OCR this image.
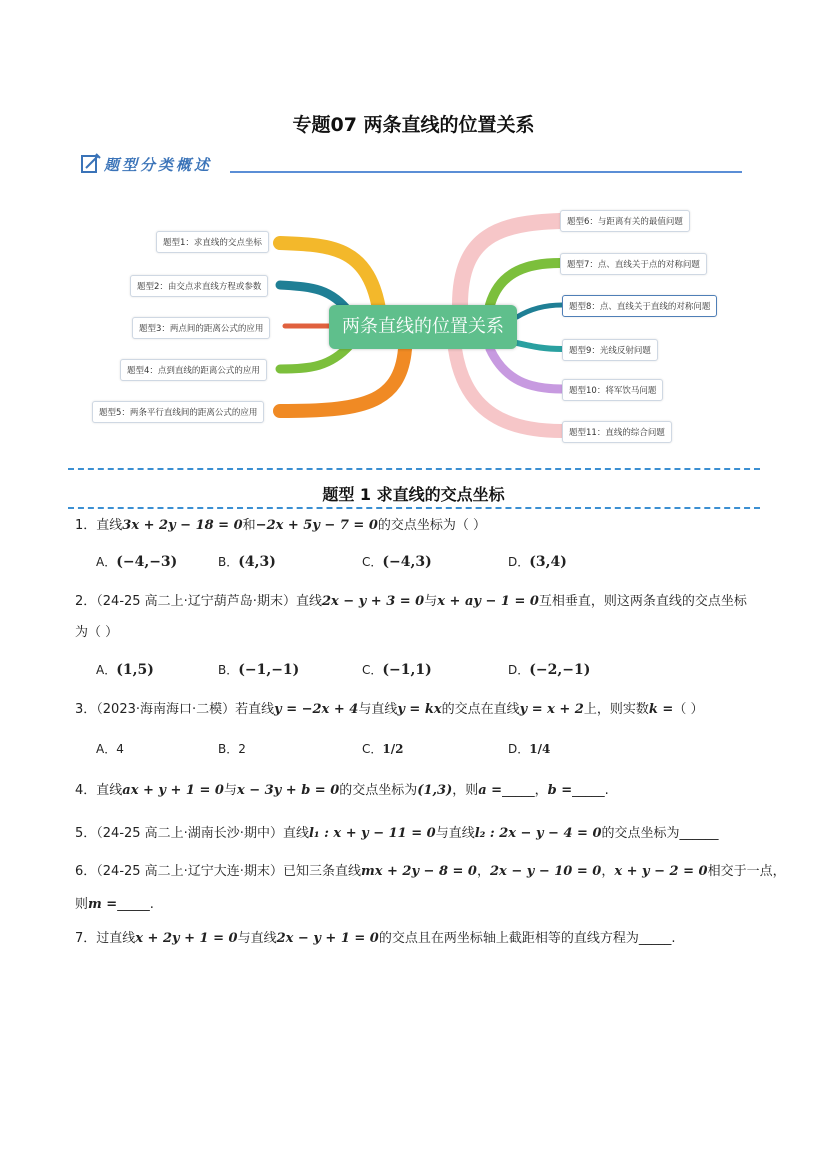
专题07 两条直线的位置关系
题型分类概述
两条直线的位置关系
题型1：求直线的交点坐标
题型2：由交点求直线方程或参数
题型3：两点间的距离公式的应用
题型4：点到直线的距离公式的应用
题型5：两条平行直线间的距离公式的应用
题型6：与距离有关的最值问题
题型7：点、直线关于点的对称问题
题型8：点、直线关于直线的对称问题
题型9：光线反射问题
题型10：将军饮马问题
题型11：直线的综合问题
题型 1 求直线的交点坐标
1．直线3x + 2y − 18 = 0和−2x + 5y − 7 = 0的交点坐标为（ ）
A．(−4,−3)	B．(4,3)	C．(−4,3)	D．(3,4)
2．（24-25 高二上·辽宁葫芦岛·期末）直线2x − y + 3 = 0与x + ay − 1 = 0互相垂直，则这两条直线的交点坐标
为（ ）
A．(1,5)	B．(−1,−1)	C．(−1,1)	D．(−2,−1)
3．（2023·海南海口·二模）若直线y = −2x + 4与直线y = kx的交点在直线y = x + 2上，则实数k =（ ）
A．4	B．2	C．1/2	D．1/4
4．直线ax + y + 1 = 0与x − 3y + b = 0的交点坐标为(1,3)，则a =_____，b =_____.
5．（24-25 高二上·湖南长沙·期中）直线l₁ : x + y − 11 = 0与直线l₂ : 2x − y − 4 = 0的交点坐标为______
6．（24-25 高二上·辽宁大连·期末）已知三条直线mx + 2y − 8 = 0，2x − y − 10 = 0，x + y − 2 = 0相交于一点，
则m =_____.
7．过直线x + 2y + 1 = 0与直线2x − y + 1 = 0的交点且在两坐标轴上截距相等的直线方程为_____.
